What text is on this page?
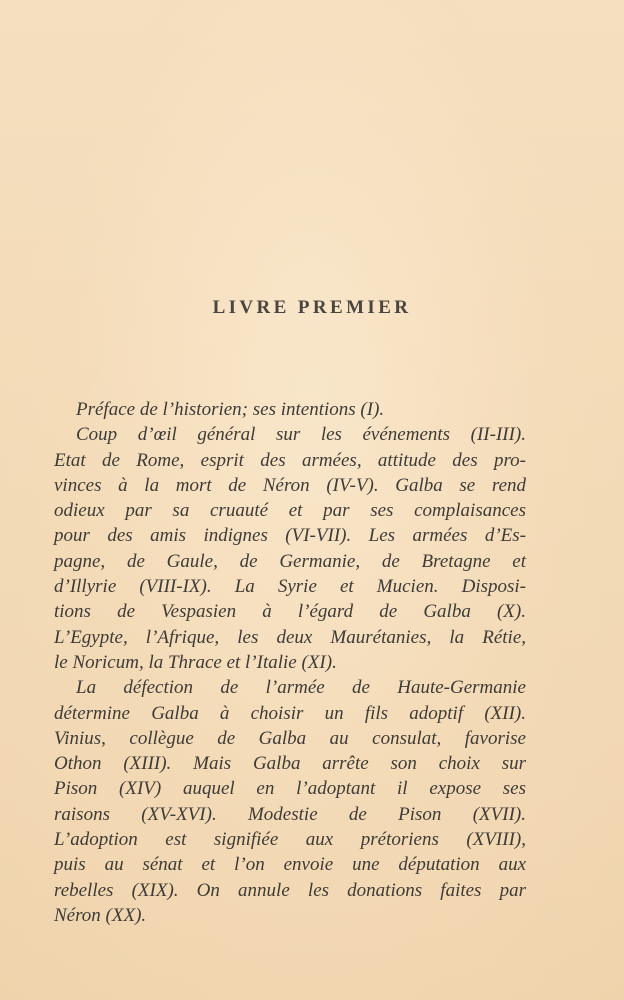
LIVRE PREMIER
Préface de l’historien; ses intentions (I).
Coup d’œil général sur les événements (II-III).
Etat de Rome, esprit des armées, attitude des pro-
vinces à la mort de Néron (IV-V). Galba se rend
odieux par sa cruauté et par ses complaisances
pour des amis indignes (VI-VII). Les armées d’Es-
pagne, de Gaule, de Germanie, de Bretagne et
d’Illyrie (VIII-IX). La Syrie et Mucien. Disposi-
tions de Vespasien à l’égard de Galba (X).
L’Egypte, l’Afrique, les deux Maurétanies, la Rétie,
le Noricum, la Thrace et l’Italie (XI).
La défection de l’armée de Haute-Germanie
détermine Galba à choisir un fils adoptif (XII).
Vinius, collègue de Galba au consulat, favorise
Othon (XIII). Mais Galba arrête son choix sur
Pison (XIV) auquel en l’adoptant il expose ses
raisons (XV-XVI). Modestie de Pison (XVII).
L’adoption est signifiée aux prétoriens (XVIII),
puis au sénat et l’on envoie une députation aux
rebelles (XIX). On annule les donations faites par
Néron (XX).
